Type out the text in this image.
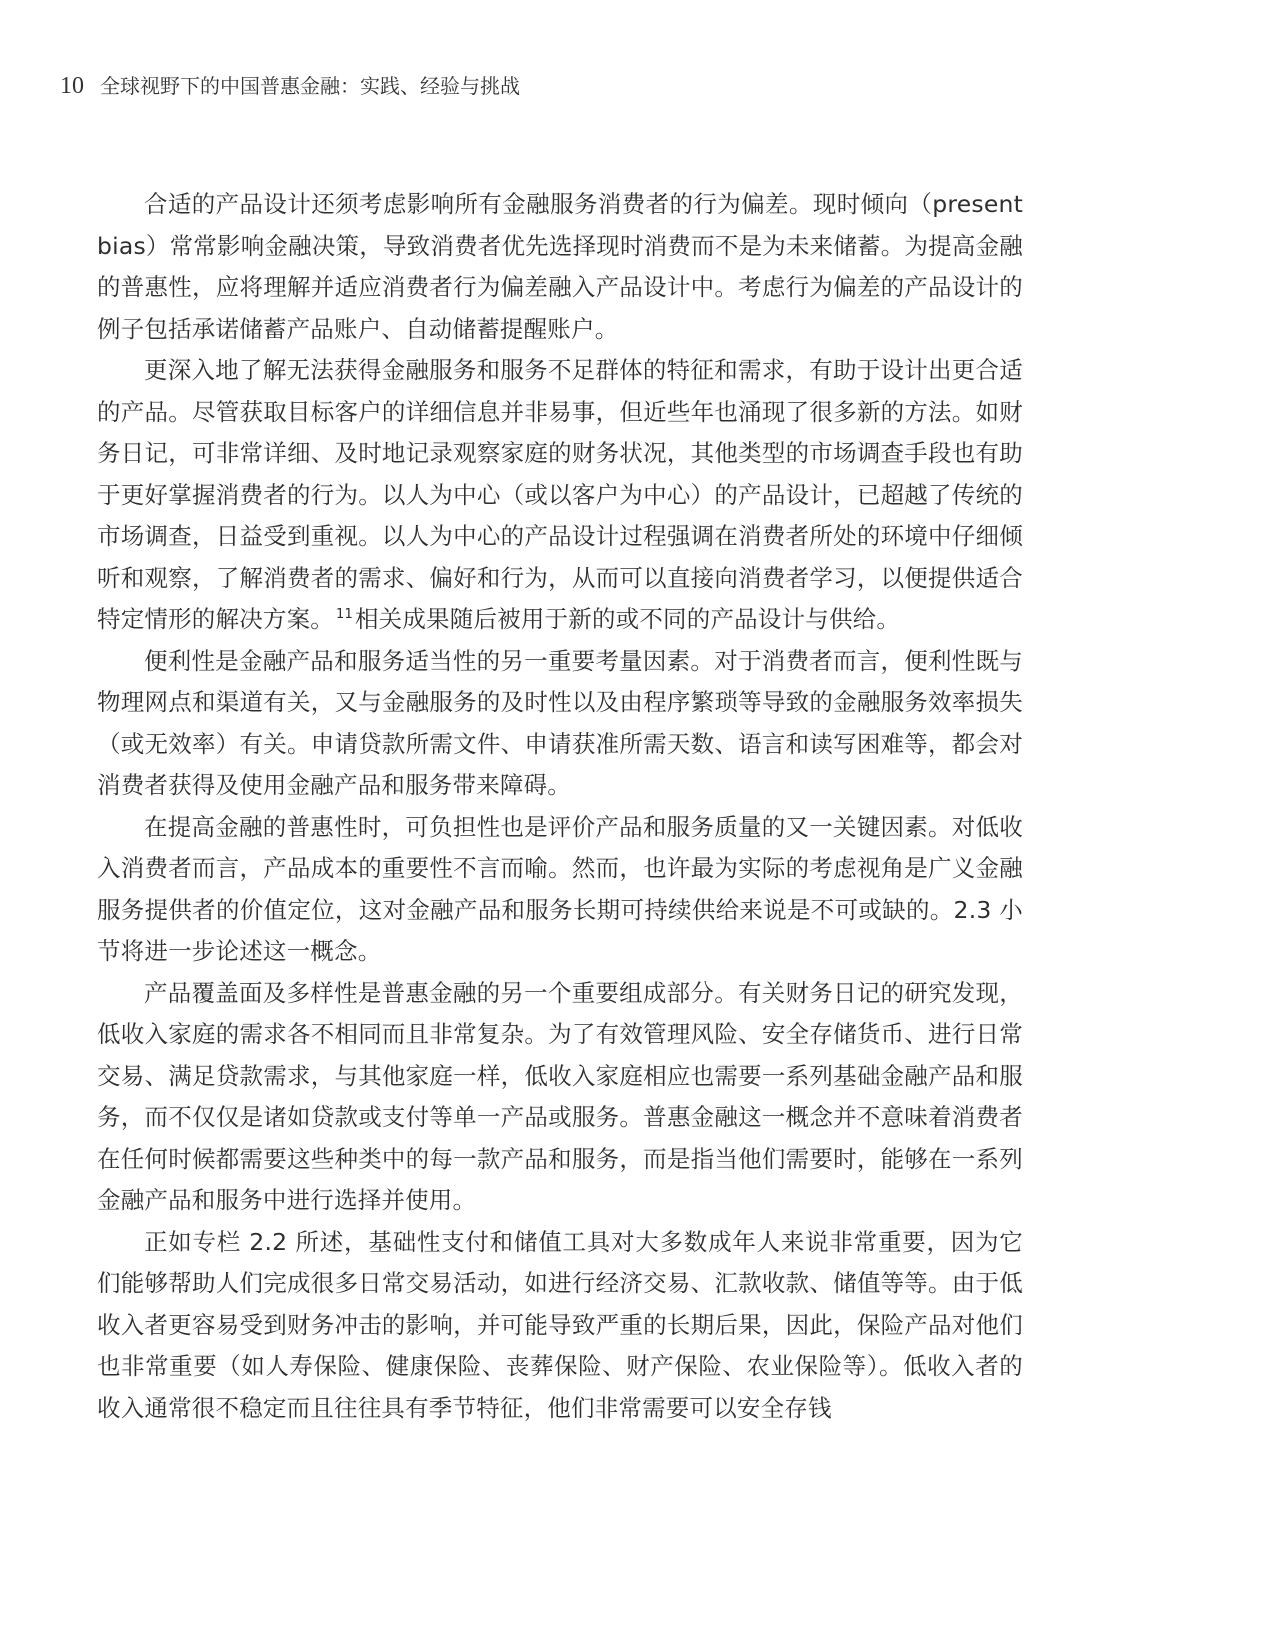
10 全球视野下的中国普惠金融：实践、经验与挑战

合适的产品设计还须考虑影响所有金融服务消费者的行为偏差。现时倾向（present bias）常常影响金融决策，导致消费者优先选择现时消费而不是为未来储蓄。为提高金融的普惠性，应将理解并适应消费者行为偏差融入产品设计中。考虑行为偏差的产品设计的例子包括承诺储蓄产品账户、自动储蓄提醒账户。

更深入地了解无法获得金融服务和服务不足群体的特征和需求，有助于设计出更合适的产品。尽管获取目标客户的详细信息并非易事，但近些年也涌现了很多新的方法。如财务日记，可非常详细、及时地记录观察家庭的财务状况，其他类型的市场调查手段也有助于更好掌握消费者的行为。以人为中心（或以客户为中心）的产品设计，已超越了传统的市场调查，日益受到重视。以人为中心的产品设计过程强调在消费者所处的环境中仔细倾听和观察，了解消费者的需求、偏好和行为，从而可以直接向消费者学习，以便提供适合特定情形的解决方案。 $^{11}$相关成果随后被用于新的或不同的产品设计与供给。

便利性是金融产品和服务适当性的另一重要考量因素。对于消费者而言，便利性既与物理网点和渠道有关，又与金融服务的及时性以及由程序繁琐等导致的金融服务效率损失（或无效率）有关。申请贷款所需文件、申请获准所需天数、语言和读写困难等，都会对消费者获得及使用金融产品和服务带来障碍。

在提高金融的普惠性时，可负担性也是评价产品和服务质量的又一关键因素。对低收入消费者而言，产品成本的重要性不言而喻。然而，也许最为实际的考虑视角是广义金融服务提供者的价值定位，这对金融产品和服务长期可持续供给来说是不可或缺的。2.3 小节将进一步论述这一概念。

产品覆盖面及多样性是普惠金融的另一个重要组成部分。有关财务日记的研究发现，低收入家庭的需求各不相同而且非常复杂。为了有效管理风险、安全存储货币、进行日常交易、满足贷款需求，与其他家庭一样，低收入家庭相应也需要一系列基础金融产品和服务，而不仅仅是诸如贷款或支付等单一产品或服务。普惠金融这一概念并不意味着消费者在任何时候都需要这些种类中的每一款产品和服务，而是指当他们需要时，能够在一系列金融产品和服务中进行选择并使用。

正如专栏 2.2 所述，基础性支付和储值工具对大多数成年人来说非常重要，因为它们能够帮助人们完成很多日常交易活动，如进行经济交易、汇款收款、储值等等。由于低收入者更容易受到财务冲击的影响，并可能导致严重的长期后果，因此，保险产品对他们也非常重要（如人寿保险、健康保险、丧葬保险、财产保险、农业保险等）。低收入者的收入通常很不稳定而且往往具有季节特征，他们非常需要可以安全存钱
